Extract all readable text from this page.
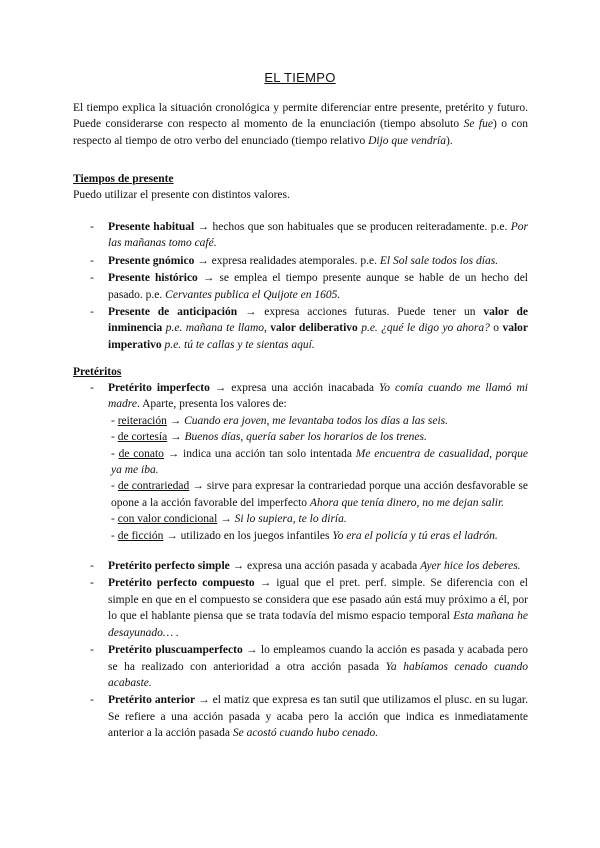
EL TIEMPO

El tiempo explica la situación cronológica y permite diferenciar entre presente, pretérito y futuro. Puede considerarse con respecto al momento de la enunciación (tiempo absoluto Se fue) o con respecto al tiempo de otro verbo del enunciado (tiempo relativo Dijo que vendría).

Tiempos de presente
Puedo utilizar el presente con distintos valores.
- Presente habitual → hechos que son habituales que se producen reiteradamente. p.e. Por las mañanas tomo café.
- Presente gnómico → expresa realidades atemporales. p.e. El Sol sale todos los días.
- Presente histórico → se emplea el tiempo presente aunque se hable de un hecho del pasado. p.e. Cervantes publica el Quijote en 1605.
- Presente de anticipación → expresa acciones futuras. Puede tener un valor de inminencia p.e. mañana te llamo, valor deliberativo p.e. ¿qué le digo yo ahora? o valor imperativo p.e. tú te callas y te sientas aquí.
Pretéritos
- Pretérito imperfecto → expresa una acción inacabada Yo comía cuando me llamó mi madre. Aparte, presenta los valores de:
- reiteración → Cuando era joven, me levantaba todos los días a las seis.
- de cortesía → Buenos días, quería saber los horarios de los trenes.
- de conato → indica una acción tan solo intentada Me encuentra de casualidad, porque ya me iba.
- de contrariedad → sirve para expresar la contrariedad porque una acción desfavorable se opone a la acción favorable del imperfecto Ahora que tenía dinero, no me dejan salir.
- con valor condicional → Si lo supiera, te lo diría.
- de ficción → utilizado en los juegos infantiles Yo era el policía y tú eras el ladrón.
- Pretérito perfecto simple → expresa una acción pasada y acabada Ayer hice los deberes.
- Pretérito perfecto compuesto → igual que el pret. perf. simple. Se diferencia con el simple en que en el compuesto se considera que ese pasado aún está muy próximo a él, por lo que el hablante piensa que se trata todavía del mismo espacio temporal Esta mañana he desayunado… .
- Pretérito pluscuamperfecto → lo empleamos cuando la acción es pasada y acabada pero se ha realizado con anterioridad a otra acción pasada Ya habíamos cenado cuando acabaste.
- Pretérito anterior → el matiz que expresa es tan sutil que utilizamos el plusc. en su lugar. Se refiere a una acción pasada y acaba pero la acción que indica es inmediatamente anterior a la acción pasada Se acostó cuando hubo cenado.
